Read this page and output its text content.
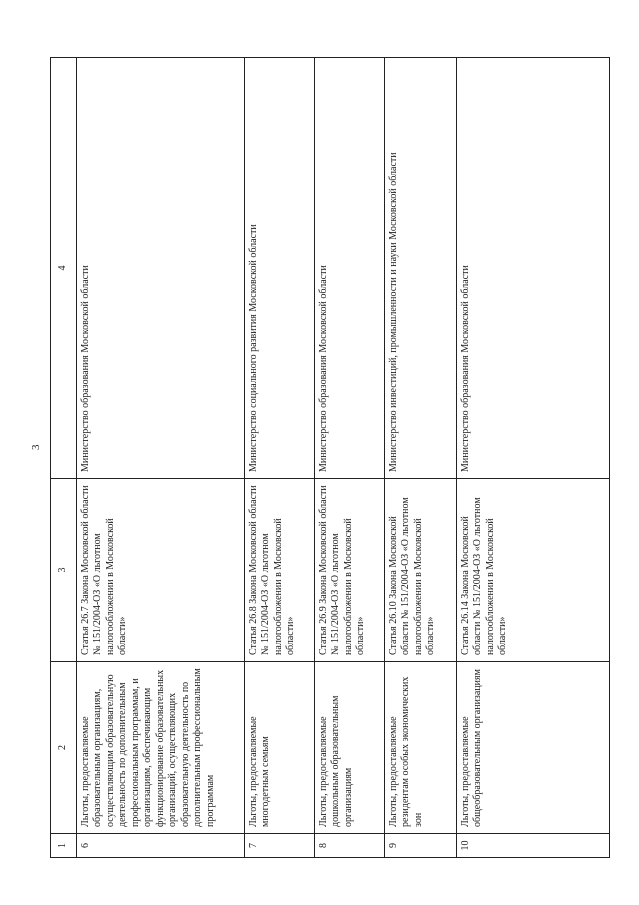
3
1	2	3	4
6	Льготы, предоставляемые образовательным организациям, осуществляющим образовательную деятельность по дополнительным профессиональным программам, и организациям, обеспечивающим функционирование образовательных организаций, осуществляющих образовательную деятельность по дополнительным профессиональным программам	Статья 26.7 Закона Московской области № 151/2004-ОЗ «О льготном налогообложении в Московской области»	Министерство образования Московской области
7	Льготы, предоставляемые многодетным семьям	Статья 26.8 Закона Московской области № 151/2004-ОЗ «О льготном налогообложении в Московской области»	Министерство социального развития Московской области
8	Льготы, предоставляемые дошкольным образовательным организациям	Статья 26.9 Закона Московской области № 151/2004-ОЗ «О льготном налогообложении в Московской области»	Министерство образования Московской области
9	Льготы, предоставляемые резидентам особых экономических зон	Статья 26.10 Закона Московской области № 151/2004-ОЗ «О льготном налогообложении в Московской области»	Министерство инвестиций, промышленности и науки Московской области
10	Льготы, предоставляемые общеобразовательным организациям	Статья 26.14 Закона Московской области № 151/2004-ОЗ «О льготном налогообложении в Московской области»	Министерство образования Московской области
